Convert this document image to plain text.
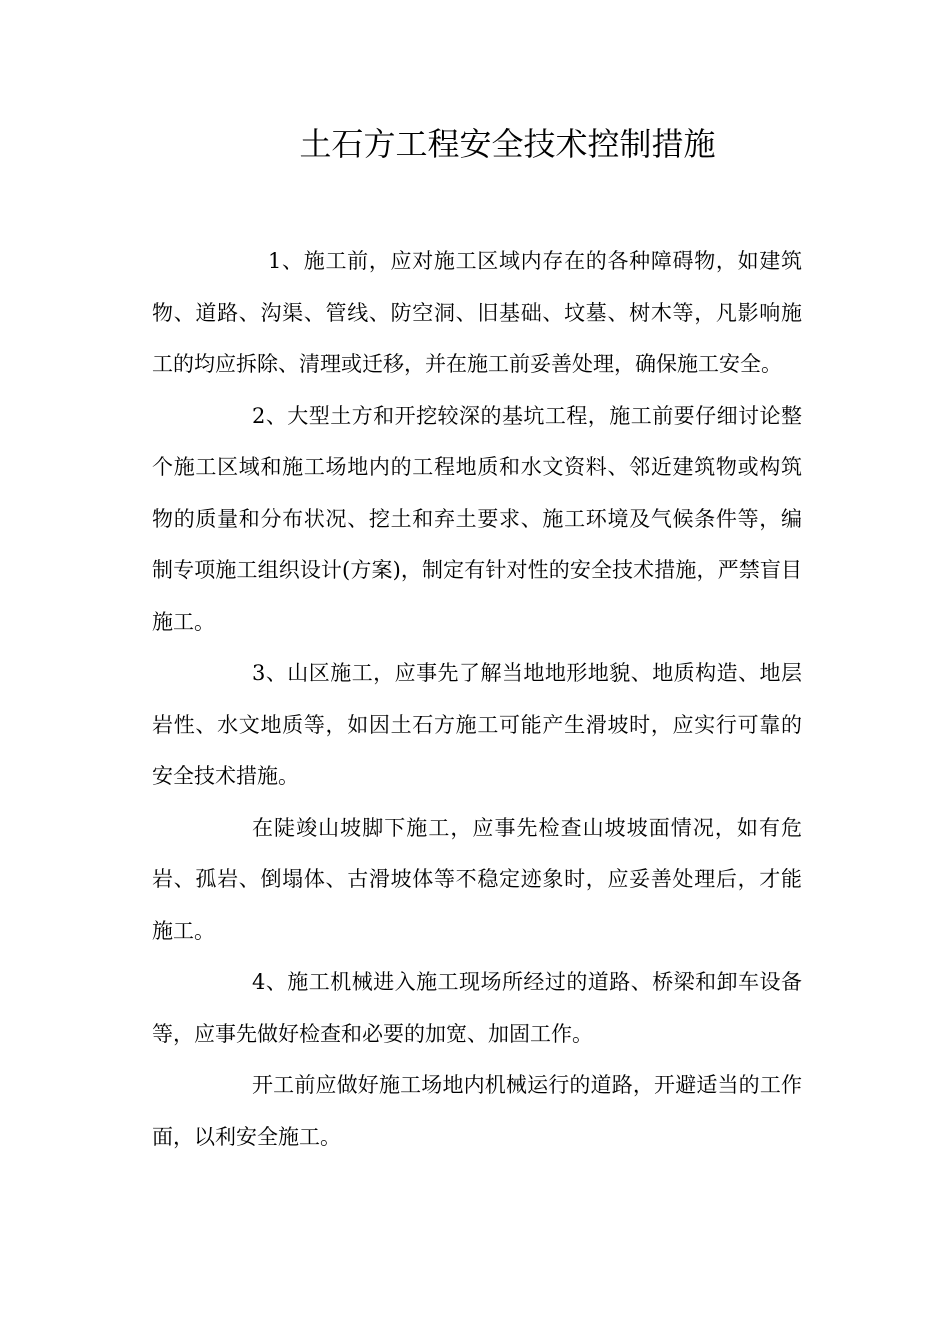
土石方工程安全技术控制措施

1、施工前，应对施工区域内存在的各种障碍物，如建筑物、道路、沟渠、管线、防空洞、旧基础、坟墓、树木等，凡影响施工的均应拆除、清理或迁移，并在施工前妥善处理，确保施工安全。

2、大型土方和开挖较深的基坑工程，施工前要仔细讨论整个施工区域和施工场地内的工程地质和水文资料、邻近建筑物或构筑物的质量和分布状况、挖土和弃土要求、施工环境及气候条件等，编制专项施工组织设计(方案)，制定有针对性的安全技术措施，严禁盲目施工。

3、山区施工，应事先了解当地地形地貌、地质构造、地层岩性、水文地质等，如因土石方施工可能产生滑坡时，应实行可靠的安全技术措施。

在陡竣山坡脚下施工，应事先检查山坡坡面情况，如有危岩、孤岩、倒塌体、古滑坡体等不稳定迹象时，应妥善处理后，才能施工。

4、施工机械进入施工现场所经过的道路、桥梁和卸车设备等，应事先做好检查和必要的加宽、加固工作。

开工前应做好施工场地内机械运行的道路，开避适当的工作面，以利安全施工。
